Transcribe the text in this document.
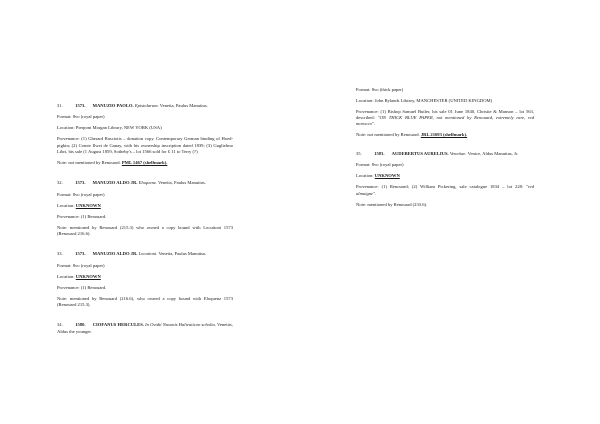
31.	1573. MANUZIO PAOLO. Epistolarum. Venetia, Paulus Manutius.

Format: 8vo (royal paper)

Location: Pierpont Morgan Library, NEW YORK (USA)

Provenance: (1) Gherard Rasciotis – donation copy. Contemporary German binding of Hoed-pigkin; (2) Comte Ilwei de Ganay, with his ownership inscription dated 1839; (3) Guglielmo Libri, his sale (1 August 1859, Sotheby's – lot 1566 sold for £ 11 to Terry (?)

Note: not mentioned by Renouard. PML 1467 (shelfmark).

32.	1573. MANUZIO ALDO JR. Eloquenz. Venetia, Paulus Manutius.

Format: 8vo (royal paper)

Location: UNKNOWN

Provenance: (1) Renouard.

Note: mentioned by Renouard (215.3) who owned a copy bound with Locutioni 1573 (Renouard 216.6).

33.	1573. MANUZIO ALDO JR. Locutioni. Venetia, Paulus Manutius.

Format: 8vo (royal paper)

Location: UNKNOWN

Provenance: (1) Renouard.

Note: mentioned by Renouard (216.6), who owned a copy bound with Eloquenz 1573 (Renouard 215.3).

34.	1580. CIOFANUS HERCULES. In Ovidii Nasonis Halieuticon scholia. Venetiis, Aldus the younger.

Format: 8vo (thick paper)

Location: John Rylands Library, MANCHESTER (UNITED KINGDOM)

Provenance: (1) Bishop Samuel Butler, his sale 01 June 1840, Christie & Manson – lot 563, described: "ON THICK BLUE PAPER, not mentioned by Renouard, extremely rare, red morocco".

Note: not mentioned by Renouard. JRL 21693 (shelfmark).

35.	1583. AUDEBERTUS AURELIUS. Venetiae. Venice, Aldus Manutius, Jr.

Format: 8vo (royal paper)

Location: UNKNOWN

Provenance: (1) Renouard; (2) William Pickering, sale catalogue 1834 – lot 228: "red almaigne".

Note: mentioned by Renouard (233.6).
